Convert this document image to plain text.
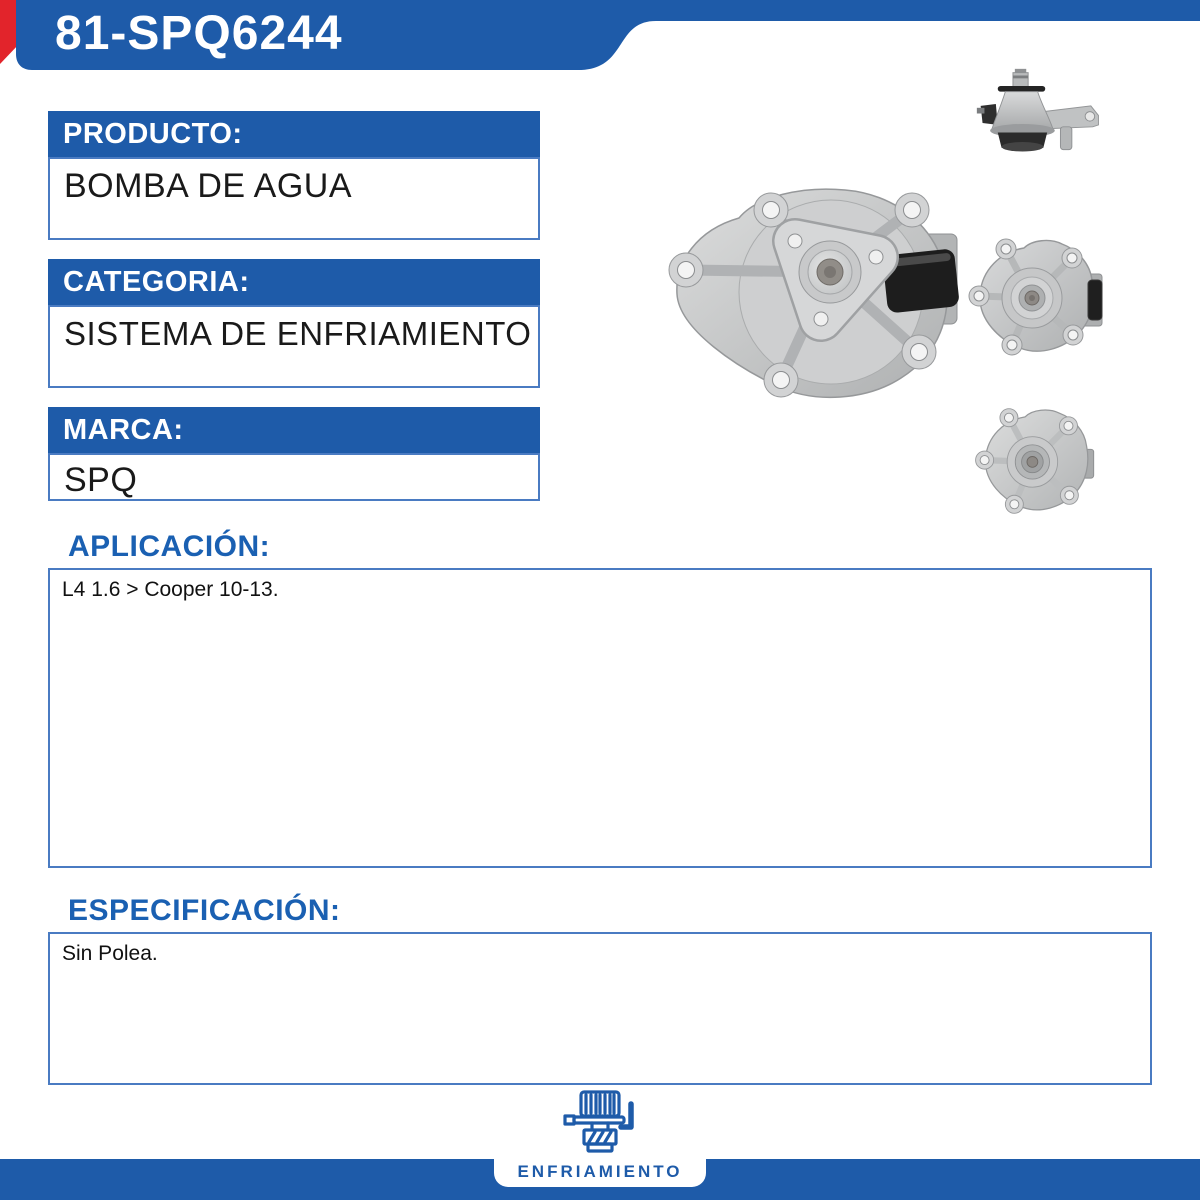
81-SPQ6244
PRODUCTO:
BOMBA DE AGUA
CATEGORIA:
SISTEMA DE ENFRIAMIENTO
MARCA:
SPQ
APLICACIÓN:
L4 1.6 > Cooper 10-13.
ESPECIFICACIÓN:
Sin Polea.
ENFRIAMIENTO
